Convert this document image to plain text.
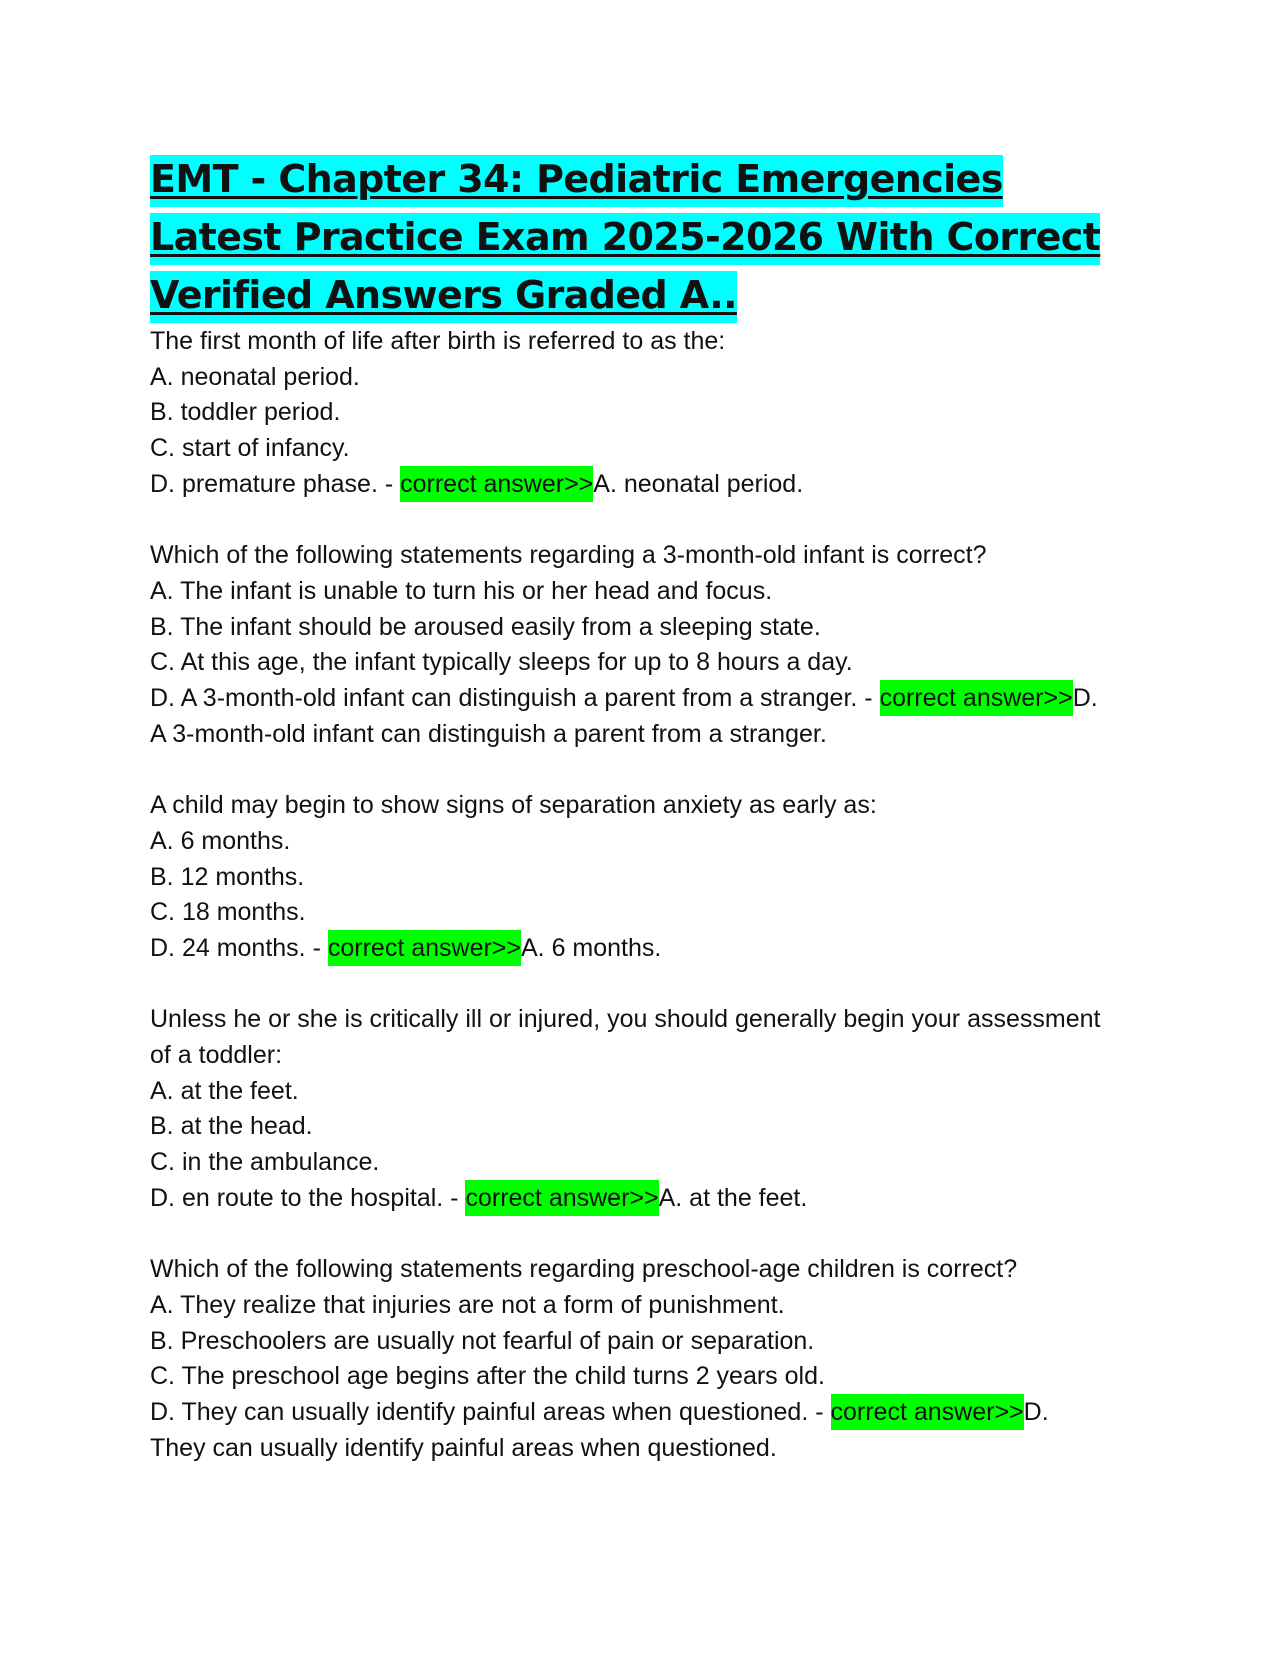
EMT - Chapter 34: Pediatric Emergencies Latest Practice Exam 2025-2026 With Correct Verified Answers Graded A..
The first month of life after birth is referred to as the:
A. neonatal period.
B. toddler period.
C. start of infancy.
D. premature phase. - correct answer>>A. neonatal period.
Which of the following statements regarding a 3-month-old infant is correct?
A. The infant is unable to turn his or her head and focus.
B. The infant should be aroused easily from a sleeping state.
C. At this age, the infant typically sleeps for up to 8 hours a day.
D. A 3-month-old infant can distinguish a parent from a stranger. - correct answer>>D. A 3-month-old infant can distinguish a parent from a stranger.
A child may begin to show signs of separation anxiety as early as:
A. 6 months.
B. 12 months.
C. 18 months.
D. 24 months. - correct answer>>A. 6 months.
Unless he or she is critically ill or injured, you should generally begin your assessment of a toddler:
A. at the feet.
B. at the head.
C. in the ambulance.
D. en route to the hospital. - correct answer>>A. at the feet.
Which of the following statements regarding preschool-age children is correct?
A. They realize that injuries are not a form of punishment.
B. Preschoolers are usually not fearful of pain or separation.
C. The preschool age begins after the child turns 2 years old.
D. They can usually identify painful areas when questioned. - correct answer>>D. They can usually identify painful areas when questioned.
